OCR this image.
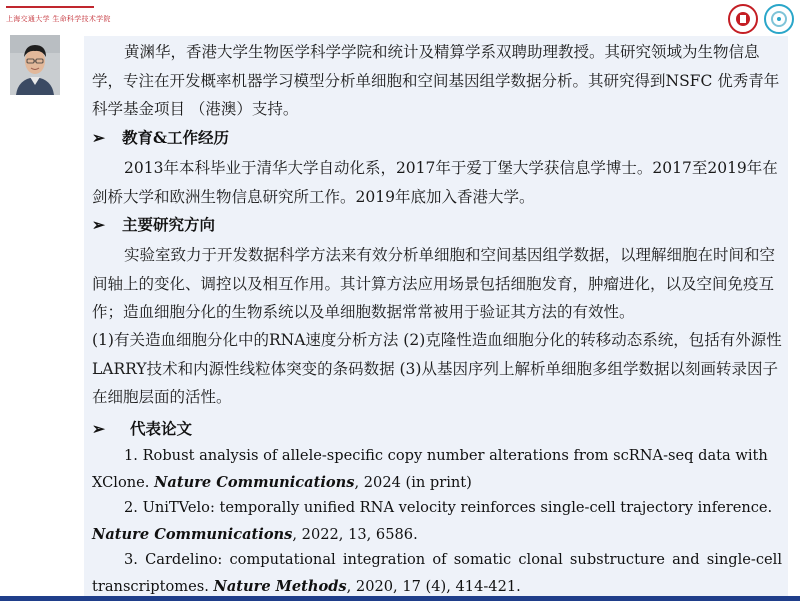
上海交通大学 生命科学技术学院
黄渊华，香港大学生物医学科学学院和统计及精算学系双聘助理教授。其研究领域为生物信息学，专注在开发概率机器学习模型分析单细胞和空间基因组学数据分析。其研究得到NSFC 优秀青年科学基金项目 （港澳）支持。
➢ 教育&工作经历
2013年本科毕业于清华大学自动化系，2017年于爱丁堡大学获信息学博士。2017至2019年在剑桥大学和欧洲生物信息研究所工作。2019年底加入香港大学。
➢ 主要研究方向
实验室致力于开发数据科学方法来有效分析单细胞和空间基因组学数据，以理解细胞在时间和空间轴上的变化、调控以及相互作用。其计算方法应用场景包括细胞发育，肿瘤进化，以及空间免疫互作；造血细胞分化的生物系统以及单细胞数据常常被用于验证其方法的有效性。
(1)有关造血细胞分化中的RNA速度分析方法 (2)克隆性造血细胞分化的转移动态系统，包括有外源性LARRY技术和内源性线粒体突变的条码数据 (3)从基因序列上解析单细胞多组学数据以刻画转录因子在细胞层面的活性。
➢ 代表论文
1. Robust analysis of allele-specific copy number alterations from scRNA-seq data with XClone. Nature Communications, 2024 (in print)
2. UniTVelo: temporally unified RNA velocity reinforces single-cell trajectory inference. Nature Communications, 2022, 13, 6586.
3. Cardelino: computational integration of somatic clonal substructure and single-cell transcriptomes. Nature Methods, 2020, 17 (4), 414-421.
